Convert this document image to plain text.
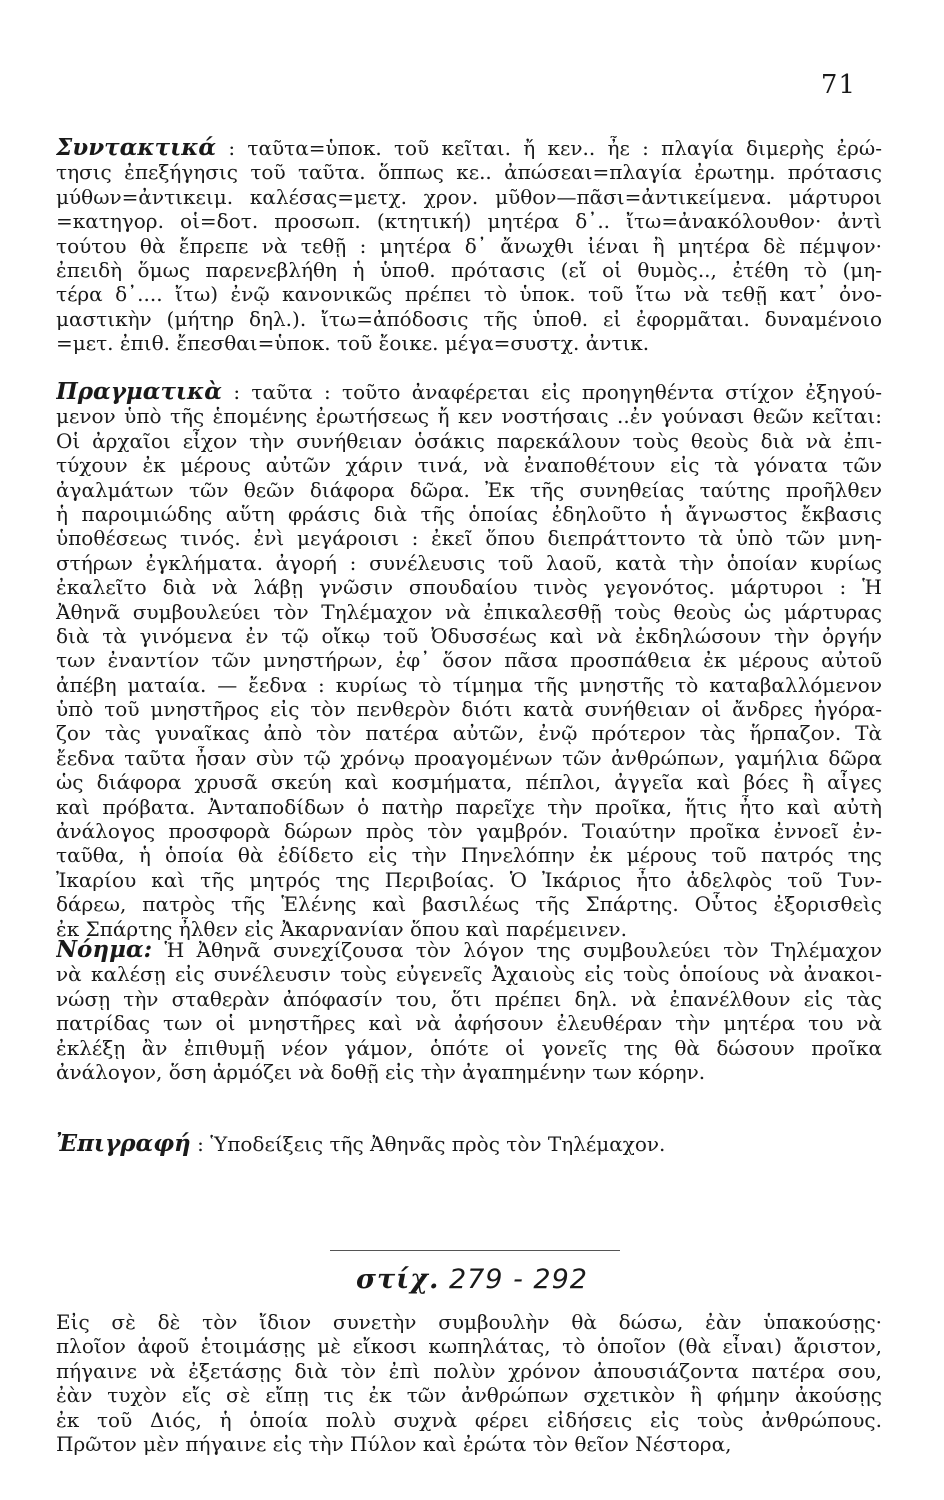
71
Συντακτικά : ταῦτα=ὑποκ. τοῦ κεῖται. ἤ κεν.. ἦε : πλαγία διμερὴς ἐρώ-
τησις ἐπεξήγησις τοῦ ταῦτα. ὅππως κε.. ἀπώσεαι=πλαγία ἐρωτημ. πρότασις
μύθων=ἀντικειμ. καλέσας=μετχ. χρον. μῦθον—πᾶσι=ἀντικείμενα. μάρτυροι
=κατηγορ. οἱ=δοτ. προσωπ. (κτητική) μητέρα δ᾽.. ἴτω=ἀνακόλουθον· ἀντὶ
τούτου θὰ ἔπρεπε νὰ τεθῇ : μητέρα δ᾽ ἄνωχθι ἰέναι ἢ μητέρα δὲ πέμψον·
ἐπειδὴ ὅμως παρενεβλήθη ἡ ὑποθ. πρότασις (εἴ οἱ θυμὸς.., ἐτέθη τὸ (μη-
τέρα δ᾽.... ἴτω) ἐνῷ κανονικῶς πρέπει τὸ ὑποκ. τοῦ ἴτω νὰ τεθῇ κατ᾽ ὀνο-
μαστικὴν (μήτηρ δηλ.). ἴτω=ἀπόδοσις τῆς ὑποθ. εἰ ἐφορμᾶται. δυναμένοιο
=μετ. ἐπιθ. ἔπεσθαι=ὑποκ. τοῦ ἔοικε. μέγα=συστχ. ἀντικ.
Πραγματικὰ : ταῦτα : τοῦτο ἀναφέρεται εἰς προηγηθέντα στίχον ἐξηγού-
μενον ὑπὸ τῆς ἑπομένης ἐρωτήσεως ἤ κεν νοστήσαις ..ἐν γούνασι θεῶν κεῖται:
Οἱ ἀρχαῖοι εἶχον τὴν συνήθειαν ὁσάκις παρεκάλουν τοὺς θεοὺς διὰ νὰ ἐπι-
τύχουν ἐκ μέρους αὐτῶν χάριν τινά, νὰ ἐναποθέτουν εἰς τὰ γόνατα τῶν
ἀγαλμάτων τῶν θεῶν διάφορα δῶρα. Ἐκ τῆς συνηθείας ταύτης προῆλθεν
ἡ παροιμιώδης αὕτη φράσις διὰ τῆς ὁποίας ἐδηλοῦτο ἡ ἄγνωστος ἔκβασις
ὑποθέσεως τινός. ἐνὶ μεγάροισι : ἐκεῖ ὅπου διεπράττοντο τὰ ὑπὸ τῶν μνη-
στήρων ἐγκλήματα. ἀγορή : συνέλευσις τοῦ λαοῦ, κατὰ τὴν ὁποίαν κυρίως
ἐκαλεῖτο διὰ νὰ λάβῃ γνῶσιν σπουδαίου τινὸς γεγονότος. μάρτυροι : Ἡ
Ἀθηνᾶ συμβουλεύει τὸν Τηλέμαχον νὰ ἐπικαλεσθῇ τοὺς θεοὺς ὡς μάρτυρας
διὰ τὰ γινόμενα ἐν τῷ οἴκῳ τοῦ Ὀδυσσέως καὶ νὰ ἐκδηλώσουν τὴν ὀργήν
των ἐναντίον τῶν μνηστήρων, ἐφ᾽ ὅσον πᾶσα προσπάθεια ἐκ μέρους αὐτοῦ
ἀπέβη ματαία. — ἔεδνα : κυρίως τὸ τίμημα τῆς μνηστῆς τὸ καταβαλλόμενον
ὑπὸ τοῦ μνηστῆρος εἰς τὸν πενθερὸν διότι κατὰ συνήθειαν οἱ ἄνδρες ἠγόρα-
ζον τὰς γυναῖκας ἀπὸ τὸν πατέρα αὐτῶν, ἐνῷ πρότερον τὰς ἥρπαζον. Τὰ
ἔεδνα ταῦτα ἦσαν σὺν τῷ χρόνῳ προαγομένων τῶν ἀνθρώπων, γαμήλια δῶρα
ὡς διάφορα χρυσᾶ σκεύη καὶ κοσμήματα, πέπλοι, ἀγγεῖα καὶ βόες ἢ αἶγες
καὶ πρόβατα. Ἀνταποδίδων ὁ πατὴρ παρεῖχε τὴν προῖκα, ἥτις ἦτο καὶ αὐτὴ
ἀνάλογος προσφορὰ δώρων πρὸς τὸν γαμβρόν. Τοιαύτην προῖκα ἐννοεῖ ἐν-
ταῦθα, ἡ ὁποία θὰ ἐδίδετο εἰς τὴν Πηνελόπην ἐκ μέρους τοῦ πατρός της
Ἰκαρίου καὶ τῆς μητρός της Περιβοίας. Ὁ Ἰκάριος ἦτο ἀδελφὸς τοῦ Τυν-
δάρεω, πατρὸς τῆς Ἑλένης καὶ βασιλέως τῆς Σπάρτης. Οὗτος ἐξορισθεὶς
ἐκ Σπάρτης ἦλθεν εἰς Ἀκαρνανίαν ὅπου καὶ παρέμεινεν.
Νόημα: Ἡ Ἀθηνᾶ συνεχίζουσα τὸν λόγον της συμβουλεύει τὸν Τηλέμαχον
νὰ καλέσῃ εἰς συνέλευσιν τοὺς εὐγενεῖς Ἀχαιοὺς εἰς τοὺς ὁποίους νὰ ἀνακοι-
νώσῃ τὴν σταθερὰν ἀπόφασίν του, ὅτι πρέπει δηλ. νὰ ἐπανέλθουν εἰς τὰς
πατρίδας των οἱ μνηστῆρες καὶ νὰ ἀφήσουν ἐλευθέραν τὴν μητέρα του νὰ
ἐκλέξῃ ἂν ἐπιθυμῇ νέον γάμον, ὁπότε οἱ γονεῖς της θὰ δώσουν προῖκα
ἀνάλογον, ὅση ἁρμόζει νὰ δοθῇ εἰς τὴν ἀγαπημένην των κόρην.
Ἐπιγραφή : Ὑποδείξεις τῆς Ἀθηνᾶς πρὸς τὸν Τηλέμαχον.
στίχ. 279 - 292
Εἰς σὲ δὲ τὸν ἴδιον συνετὴν συμβουλὴν θὰ δώσω, ἐὰν ὑπακούσῃς·
πλοῖον ἀφοῦ ἑτοιμάσῃς μὲ εἴκοσι κωπηλάτας, τὸ ὁποῖον (θὰ εἶναι) ἄριστον,
πήγαινε νὰ ἐξετάσῃς διὰ τὸν ἐπὶ πολὺν χρόνον ἀπουσιάζοντα πατέρα σου,
ἐὰν τυχὸν εἴς σὲ εἴπῃ τις ἐκ τῶν ἀνθρώπων σχετικὸν ἢ φήμην ἀκούσῃς
ἐκ τοῦ Διός, ἡ ὁποία πολὺ συχνὰ φέρει εἰδήσεις εἰς τοὺς ἀνθρώπους.
Πρῶτον μὲν πήγαινε εἰς τὴν Πύλον καὶ ἐρώτα τὸν θεῖον Νέστορα,
